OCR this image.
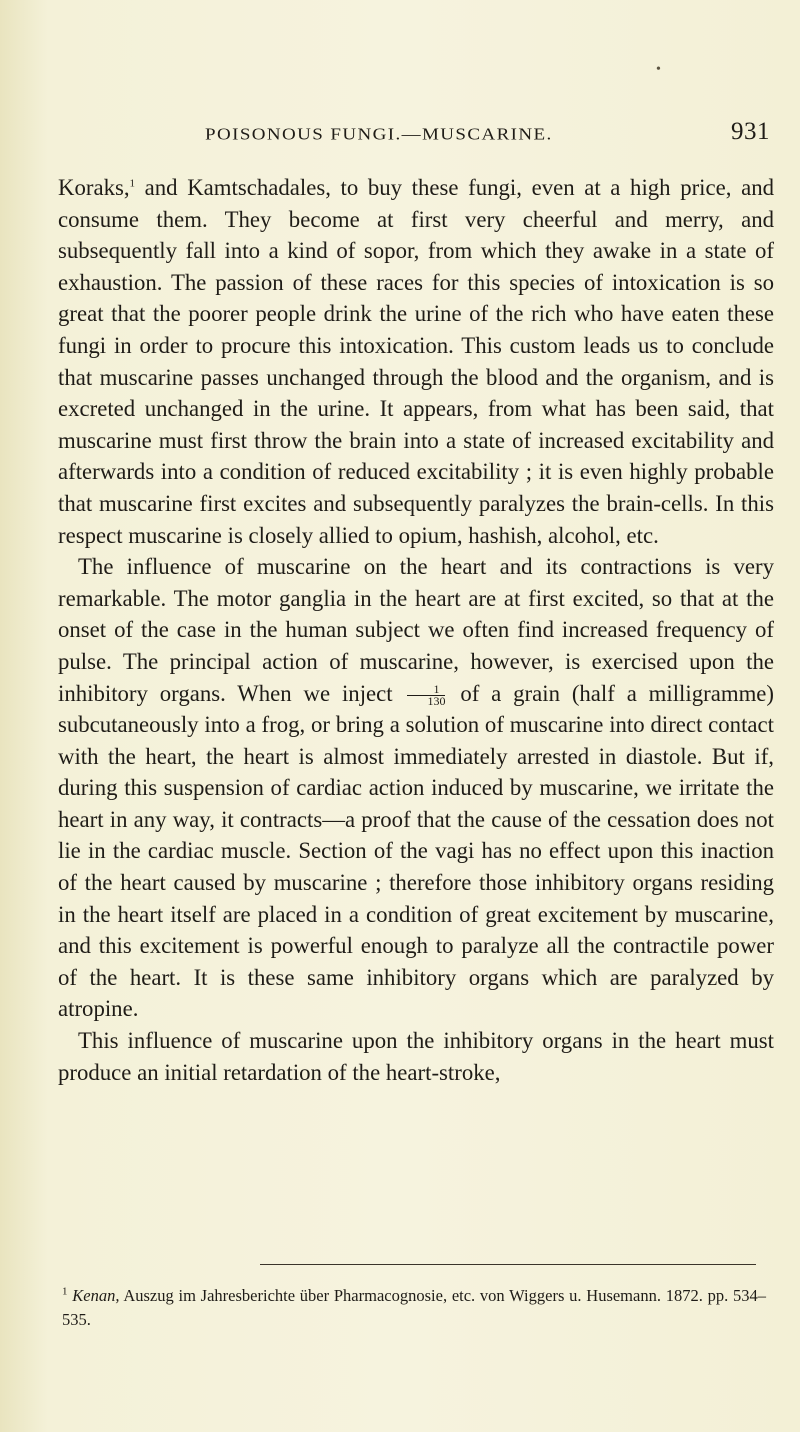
•
POISONOUS FUNGI.—MUSCARINE.	931

Koraks,$^1$ and Kamtschadales, to buy these fungi, even at a high price, and consume them. They become at first very cheerful and merry, and subsequently fall into a kind of sopor, from which they awake in a state of exhaustion. The passion of these races for this species of intoxication is so great that the poorer people drink the urine of the rich who have eaten these fungi in order to procure this intoxication. This custom leads us to conclude that muscarine passes unchanged through the blood and the organism, and is excreted unchanged in the urine. It appears, from what has been said, that muscarine must first throw the brain into a state of increased excitability and afterwards into a condition of reduced excitability ; it is even highly probable that muscarine first excites and subsequently paralyzes the brain-cells. In this respect muscarine is closely allied to opium, hashish, alcohol, etc.

The influence of muscarine on the heart and its contractions is very remarkable. The motor ganglia in the heart are at first excited, so that at the onset of the case in the human subject we often find increased frequency of pulse. The principal action of muscarine, however, is exercised upon the inhibitory organs. When we inject $\frac{1}{130}$ of a grain (half a milligramme) subcutaneously into a frog, or bring a solution of muscarine into direct contact with the heart, the heart is almost immediately arrested in diastole. But if, during this suspension of cardiac action induced by muscarine, we irritate the heart in any way, it contracts—a proof that the cause of the cessation does not lie in the cardiac muscle. Section of the vagi has no effect upon this inaction of the heart caused by muscarine ; therefore those inhibitory organs residing in the heart itself are placed in a condition of great excitement by muscarine, and this excitement is powerful enough to paralyze all the contractile power of the heart. It is these same inhibitory organs which are paralyzed by atropine.

This influence of muscarine upon the inhibitory organs in the heart must produce an initial retardation of the heart-stroke,

$^1$ Kenan, Auszug im Jahresberichte über Pharmacognosie, etc. von Wiggers u. Husemann. 1872. pp. 534–535.
